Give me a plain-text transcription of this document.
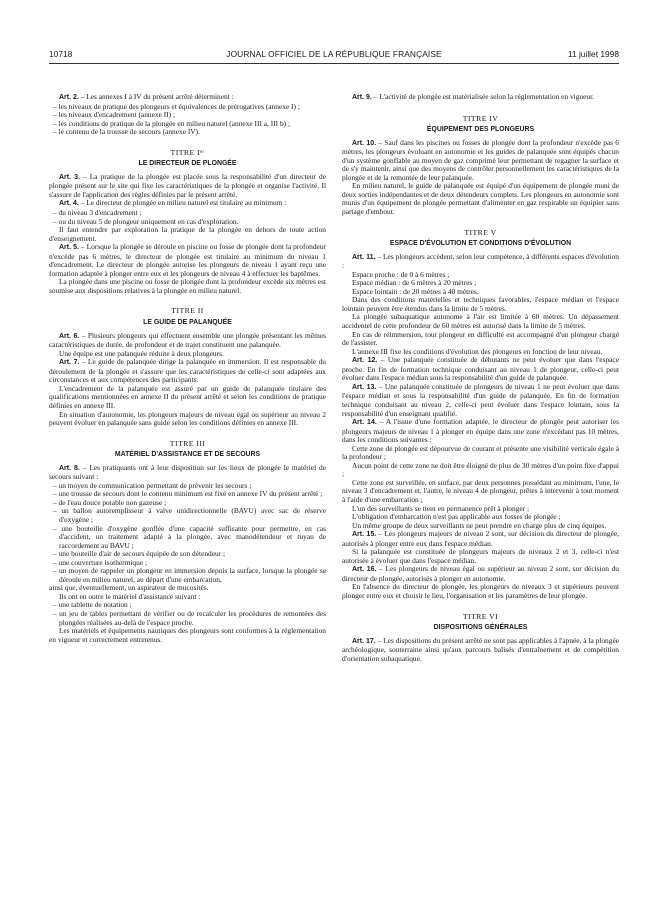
10718	JOURNAL OFFICIEL DE LA RÉPUBLIQUE FRANÇAISE	11 juillet 1998

Art. 2. – Les annexes I à IV du présent arrêté déterminent :

– les niveaux de pratique des plongeurs et équivalences de prérogatives (annexe I) ;
– les niveaux d'encadrement (annexe II) ;
– les conditions de pratique de la plongée en milieu naturel (annexe III a, III b) ;
– le contenu de la trousse de secours (annexe IV).
TITRE Iᵉʳ
LE DIRECTEUR DE PLONGÉE

Art. 3. – La pratique de la plongée est placée sous la responsabilité d'un directeur de plongée présent sur le site qui fixe les caractéristiques de la plongée et organise l'activité. Il s'assure de l'application des règles définies par le présent arrêté.

Art. 4. – Le directeur de plongée en milieu naturel est titulaire au minimum :

– du niveau 3 d'encadrement ;
– ou du niveau 5 de plongeur uniquement en cas d'exploration.

Il faut entendre par exploration la pratique de la plongée en dehors de toute action d'enseignement.

Art. 5. – Lorsque la plongée se déroule en piscine ou fosse de plongée dont la profondeur n'excède pas 6 mètres, le directeur de plongée est titulaire au minimum du niveau 1 d'encadrement. Le directeur de plongée autorise les plongeurs de niveau 1 ayant reçu une formation adaptée à plonger entre eux et les plongeurs de niveau 4 à effectuer les baptêmes.

La plongée dans une piscine ou fosse de plongée dont la profondeur excède six mètres est soumise aux dispositions relatives à la plongée en milieu naturel.

TITRE II
LE GUIDE DE PALANQUÉE

Art. 6. – Plusieurs plongeurs qui effectuent ensemble une plongée présentant les mêmes caractéristiques de durée, de profondeur et de trajet constituent une palanquée.

Une équipe est une palanquée réduite à deux plongeurs.

Art. 7. – Le guide de palanquée dirige la palanquée en immersion. Il est responsable du déroulement de la plongée et s'assure que les caractéristiques de celle-ci sont adaptées aux circonstances et aux compétences des participants.

L'encadrement de la palanquée est assuré par un guide de palanquée titulaire des qualifications mentionnées en annexe II du présent arrêté et selon les conditions de pratique définies en annexe III.

En situation d'autonomie, les plongeurs majeurs de niveau égal ou supérieur au niveau 2 peuvent évoluer en palanquée sans guide selon les conditions définies en annexe III.

TITRE III
MATÉRIEL D'ASSISTANCE ET DE SECOURS

Art. 8. – Les pratiquants ont à leur disposition sur les lieux de plongée le matériel de secours suivant :

– un moyen de communication permettant de prévenir les secours ;
– une trousse de secours dont le contenu minimum est fixé en annexe IV du présent arrêté ;
– de l'eau douce potable non gazeuse ;
– un ballon autoremplisseur à valve unidirectionnelle (BAVU) avec sac de réserve d'oxygène ;
– une bouteille d'oxygène gonflée d'une capacité suffisante pour permettre, en cas d'accident, un traitement adapté à la plongée, avec manodétendeur et tuyau de raccordement au BAVU ;
– une bouteille d'air de secours équipée de son détendeur ;
– une couverture isothermique ;
– un moyen de rappeler un plongeur en immersion depuis la surface, lorsque la plongée se déroule en milieu naturel, au départ d'une embarcation,

ainsi que, éventuellement, un aspirateur de mucosités.

Ils ont en outre le matériel d'assistance suivant :

– une tablette de notation ;
– un jeu de tables permettant de vérifier ou de recalculer les procédures de remontées des plongées réalisées au-delà de l'espace proche.

Les matériels et équipements nautiques des plongeurs sont conformes à la réglementation en vigueur et correctement entretenus.

Art. 9. – L'activité de plongée est matérialisée selon la réglementation en vigueur.

TITRE IV
ÉQUIPEMENT DES PLONGEURS

Art. 10. – Sauf dans les piscines ou fosses de plongée dont la profondeur n'excède pas 6 mètres, les plongeurs évoluant en autonomie et les guides de palanquée sont équipés chacun d'un système gonflable au moyen de gaz comprimé leur permettant de regagner la surface et de s'y maintenir, ainsi que des moyens de contrôler personnellement les caractéristiques de la plongée et de la remontée de leur palanquée.

En milieu naturel, le guide de palanquée est équipé d'un équipement de plongée muni de deux sorties indépendantes et de deux détendeurs complets. Les plongeurs en autonomie sont munis d'un équipement de plongée permettant d'alimenter en gaz respirable un équipier sans partage d'embout.

TITRE V
ESPACE D'ÉVOLUTION ET CONDITIONS D'ÉVOLUTION

Art. 11. – Les plongeurs accèdent, selon leur compétence, à différents espaces d'évolution :

Espace proche : de 0 à 6 mètres ;
Espace médian : de 6 mètres à 20 mètres ;
Espace lointain : de 20 mètres à 40 mètres.

Dans des conditions matérielles et techniques favorables, l'espace médian et l'espace lointain peuvent être étendus dans la limite de 5 mètres.

La plongée subaquatique autonome à l'air est limitée à 60 mètres. Un dépassement accidentel de cette profondeur de 60 mètres est autorisé dans la limite de 5 mètres.

En cas de réimmersion, tout plongeur en difficulté est accompagné d'un plongeur chargé de l'assister.

L'annexe III fixe les conditions d'évolution des plongeurs en fonction de leur niveau.

Art. 12. – Une palanquée constituée de débutants ne peut évoluer que dans l'espace proche. En fin de formation technique conduisant au niveau 1 de plongeur, celle-ci peut évoluer dans l'espace médian sous la responsabilité d'un guide de palanquée.

Art. 13. – Une palanquée constituée de plongeurs de niveau 1 ne peut évoluer que dans l'espace médian et sous la responsabilité d'un guide de palanquée. En fin de formation technique conduisant au niveau 2, celle-ci peut évoluer dans l'espace lointain, sous la responsabilité d'un enseignant qualifié.

Art. 14. – A l'issue d'une formation adaptée, le directeur de plongée peut autoriser les plongeurs majeurs de niveau 1 à plonger en équipe dans une zone n'excédant pas 10 mètres, dans les conditions suivantes :

Cette zone de plongée est dépourvue de courant et présente une visibilité verticale égale à la profondeur ;

Aucun point de cette zone ne doit être éloigné de plus de 30 mètres d'un point fixe d'appui ;

Cette zone est surveillée, en surface, par deux personnes possédant au minimum, l'une, le niveau 3 d'encadrement et, l'autre, le niveau 4 de plongeur, prêtes à intervenir à tout moment à l'aide d'une embarcation ;

L'un des surveillants se tient en permanence prêt à plonger ;

L'obligation d'embarcation n'est pas applicable aux fosses de plongée ;

Un même groupe de deux surveillants ne peut prendre en charge plus de cinq équipes.

Art. 15. – Les plongeurs majeurs de niveau 2 sont, sur décision du directeur de plongée, autorisés à plonger entre eux dans l'espace médian.

Si la palanquée est constituée de plongeurs majeurs de niveaux 2 et 3, celle-ci n'est autorisée à évoluer que dans l'espace médian.

Art. 16. – Les plongeurs de niveau égal ou supérieur au niveau 2 sont, sur décision du directeur de plongée, autorisés à plonger en autonomie.

En l'absence du directeur de plongée, les plongeurs de niveaux 3 et supérieurs peuvent plonger entre eux et choisir le lieu, l'organisation et les paramètres de leur plongée.

TITRE VI
DISPOSITIONS GÉNÉRALES

Art. 17. – Les dispositions du présent arrêté ne sont pas applicables à l'apnée, à la plongée archéologique, souterraine ainsi qu'aux parcours balisés d'entraînement et de compétition d'orientation subaquatique.
